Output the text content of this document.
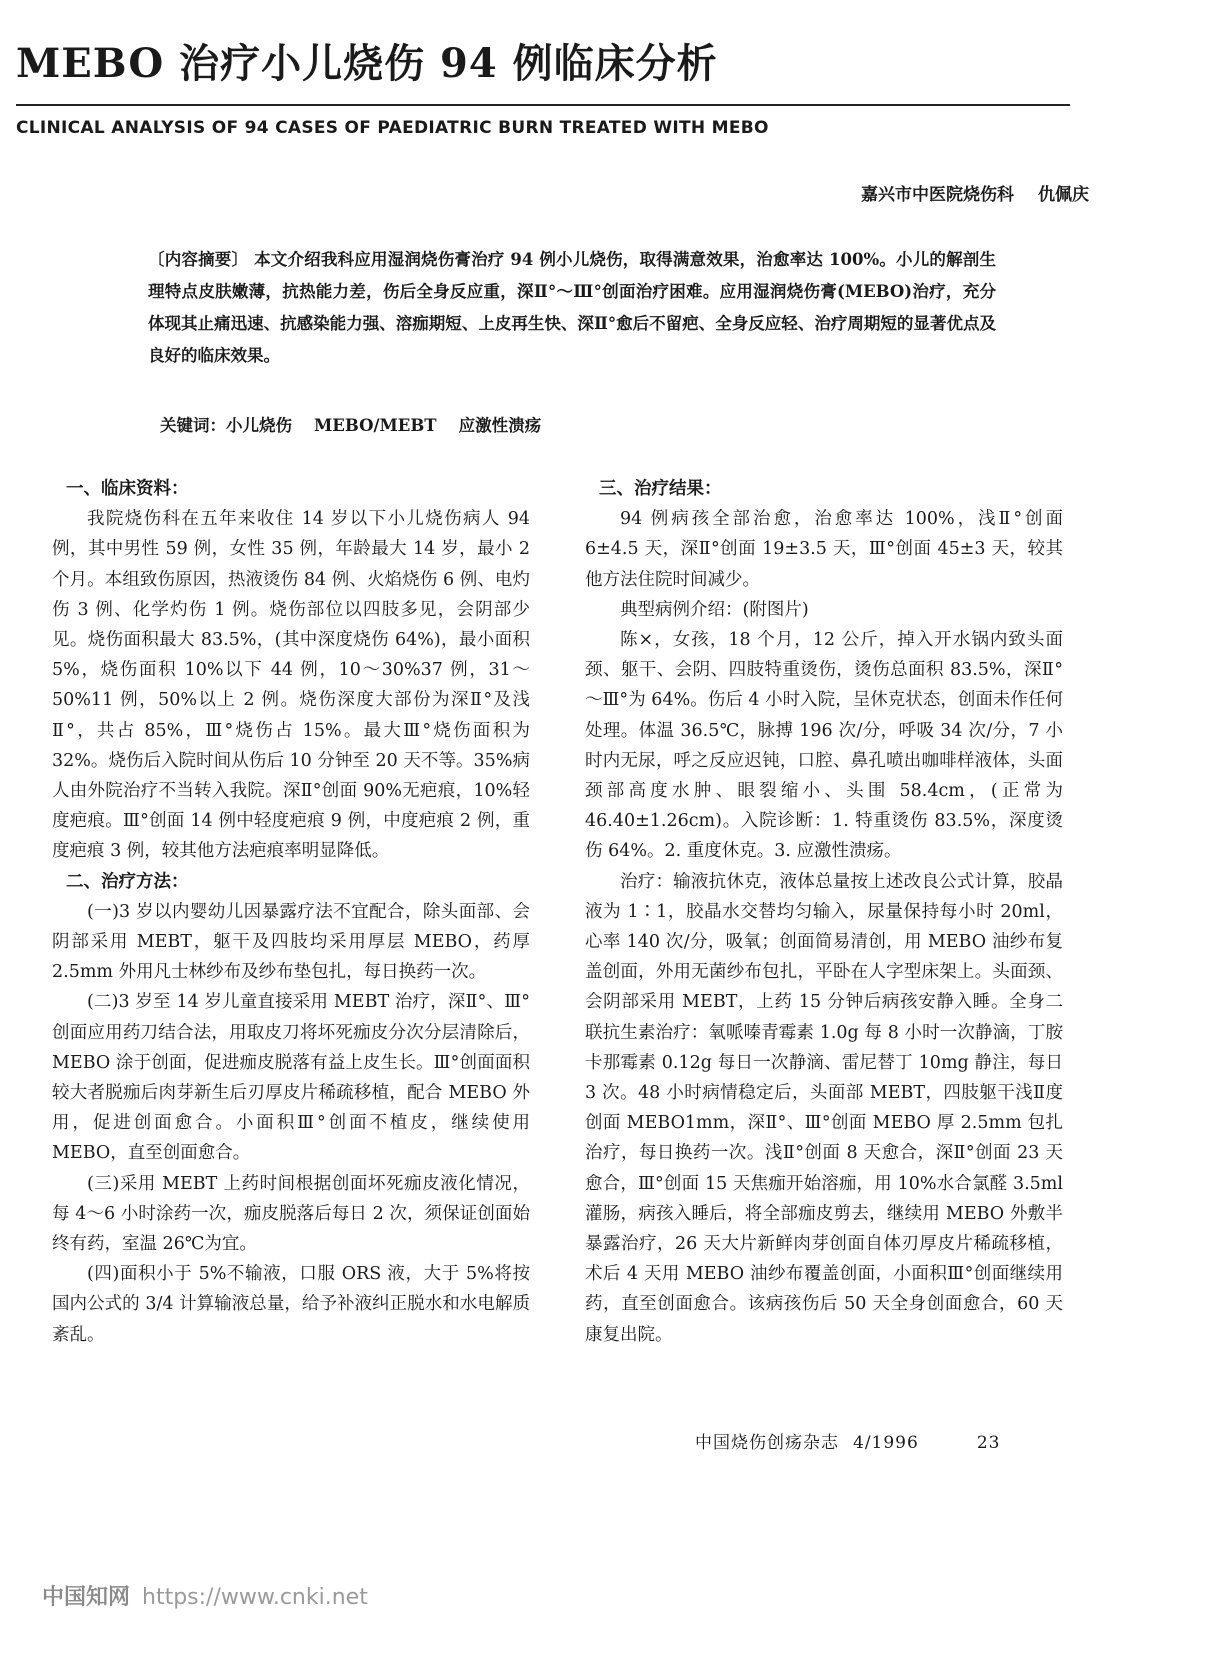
MEBO 治疗小儿烧伤 94 例临床分析
CLINICAL ANALYSIS OF 94 CASES OF PAEDIATRIC BURN TREATED WITH MEBO
嘉兴市中医院烧伤科 仇佩庆
〔内容摘要〕 本文介绍我科应用湿润烧伤膏治疗 94 例小儿烧伤，取得满意效果，治愈率达 100%。小儿的解剖生理特点皮肤嫩薄，抗热能力差，伤后全身反应重，深Ⅱ°～Ⅲ°创面治疗困难。应用湿润烧伤膏(MEBO)治疗，充分体现其止痛迅速、抗感染能力强、溶痂期短、上皮再生快、深Ⅱ°愈后不留疤、全身反应轻、治疗周期短的显著优点及良好的临床效果。
关键词：小儿烧伤 MEBO/MEBT 应激性溃疡
一、临床资料：

我院烧伤科在五年来收住 14 岁以下小儿烧伤病人 94 例，其中男性 59 例，女性 35 例，年龄最大 14 岁，最小 2 个月。本组致伤原因，热液烫伤 84 例、火焰烧伤 6 例、电灼伤 3 例、化学灼伤 1 例。烧伤部位以四肢多见，会阴部少见。烧伤面积最大 83.5%，(其中深度烧伤 64%)，最小面积 5%，烧伤面积 10%以下 44 例，10～30%37 例，31～50%11 例，50%以上 2 例。烧伤深度大部份为深Ⅱ°及浅Ⅱ°，共占 85%，Ⅲ°烧伤占 15%。最大Ⅲ°烧伤面积为 32%。烧伤后入院时间从伤后 10 分钟至 20 天不等。35%病人由外院治疗不当转入我院。深Ⅱ°创面 90%无疤痕，10%轻度疤痕。Ⅲ°创面 14 例中轻度疤痕 9 例，中度疤痕 2 例，重度疤痕 3 例，较其他方法疤痕率明显降低。

二、治疗方法：

(一)3 岁以内婴幼儿因暴露疗法不宜配合，除头面部、会阴部采用 MEBT，躯干及四肢均采用厚层 MEBO，药厚 2.5mm 外用凡士林纱布及纱布垫包扎，每日换药一次。

(二)3 岁至 14 岁儿童直接采用 MEBT 治疗，深Ⅱ°、Ⅲ°创面应用药刀结合法，用取皮刀将坏死痂皮分次分层清除后，MEBO 涂于创面，促进痂皮脱落有益上皮生长。Ⅲ°创面面积较大者脱痂后肉芽新生后刃厚皮片稀疏移植，配合 MEBO 外用，促进创面愈合。小面积Ⅲ°创面不植皮，继续使用 MEBO，直至创面愈合。

(三)采用 MEBT 上药时间根据创面坏死痂皮液化情况，每 4～6 小时涂药一次，痂皮脱落后每日 2 次，须保证创面始终有药，室温 26℃为宜。

(四)面积小于 5%不输液，口服 ORS 液，大于 5%将按国内公式的 3/4 计算输液总量，给予补液纠正脱水和水电解质紊乱。

三、治疗结果：

94 例病孩全部治愈，治愈率达 100%，浅Ⅱ°创面 6±4.5 天，深Ⅱ°创面 19±3.5 天，Ⅲ°创面 45±3 天，较其他方法住院时间减少。

典型病例介绍：(附图片)

陈×，女孩，18 个月，12 公斤，掉入开水锅内致头面颈、躯干、会阴、四肢特重烫伤，烫伤总面积 83.5%，深Ⅱ°～Ⅲ°为 64%。伤后 4 小时入院，呈休克状态，创面未作任何处理。体温 36.5℃，脉搏 196 次/分，呼吸 34 次/分，7 小时内无尿，呼之反应迟钝，口腔、鼻孔喷出咖啡样液体，头面颈部高度水肿、眼裂缩小、头围 58.4cm，(正常为 46.40±1.26cm)。入院诊断：1. 特重烫伤 83.5%，深度烫伤 64%。2. 重度休克。3. 应激性溃疡。

治疗：输液抗休克，液体总量按上述改良公式计算，胶晶液为 1∶1，胶晶水交替均匀输入，尿量保持每小时 20ml，心率 140 次/分，吸氧；创面简易清创，用 MEBO 油纱布复盖创面，外用无菌纱布包扎，平卧在人字型床架上。头面颈、会阴部采用 MEBT，上药 15 分钟后病孩安静入睡。全身二联抗生素治疗：氧哌嗪青霉素 1.0g 每 8 小时一次静滴，丁胺卡那霉素 0.12g 每日一次静滴、雷尼替丁 10mg 静注，每日 3 次。48 小时病情稳定后，头面部 MEBT，四肢躯干浅Ⅱ度创面 MEBO1mm，深Ⅱ°、Ⅲ°创面 MEBO 厚 2.5mm 包扎治疗，每日换药一次。浅Ⅱ°创面 8 天愈合，深Ⅱ°创面 23 天愈合，Ⅲ°创面 15 天焦痂开始溶痂，用 10%水合氯醛 3.5ml 灌肠，病孩入睡后，将全部痂皮剪去，继续用 MEBO 外敷半暴露治疗，26 天大片新鲜肉芽创面自体刃厚皮片稀疏移植，术后 4 天用 MEBO 油纱布覆盖创面，小面积Ⅲ°创面继续用药，直至创面愈合。该病孩伤后 50 天全身创面愈合，60 天康复出院。

中国烧伤创疡杂志 4/1996	23
中国知网 https://www.cnki.net
